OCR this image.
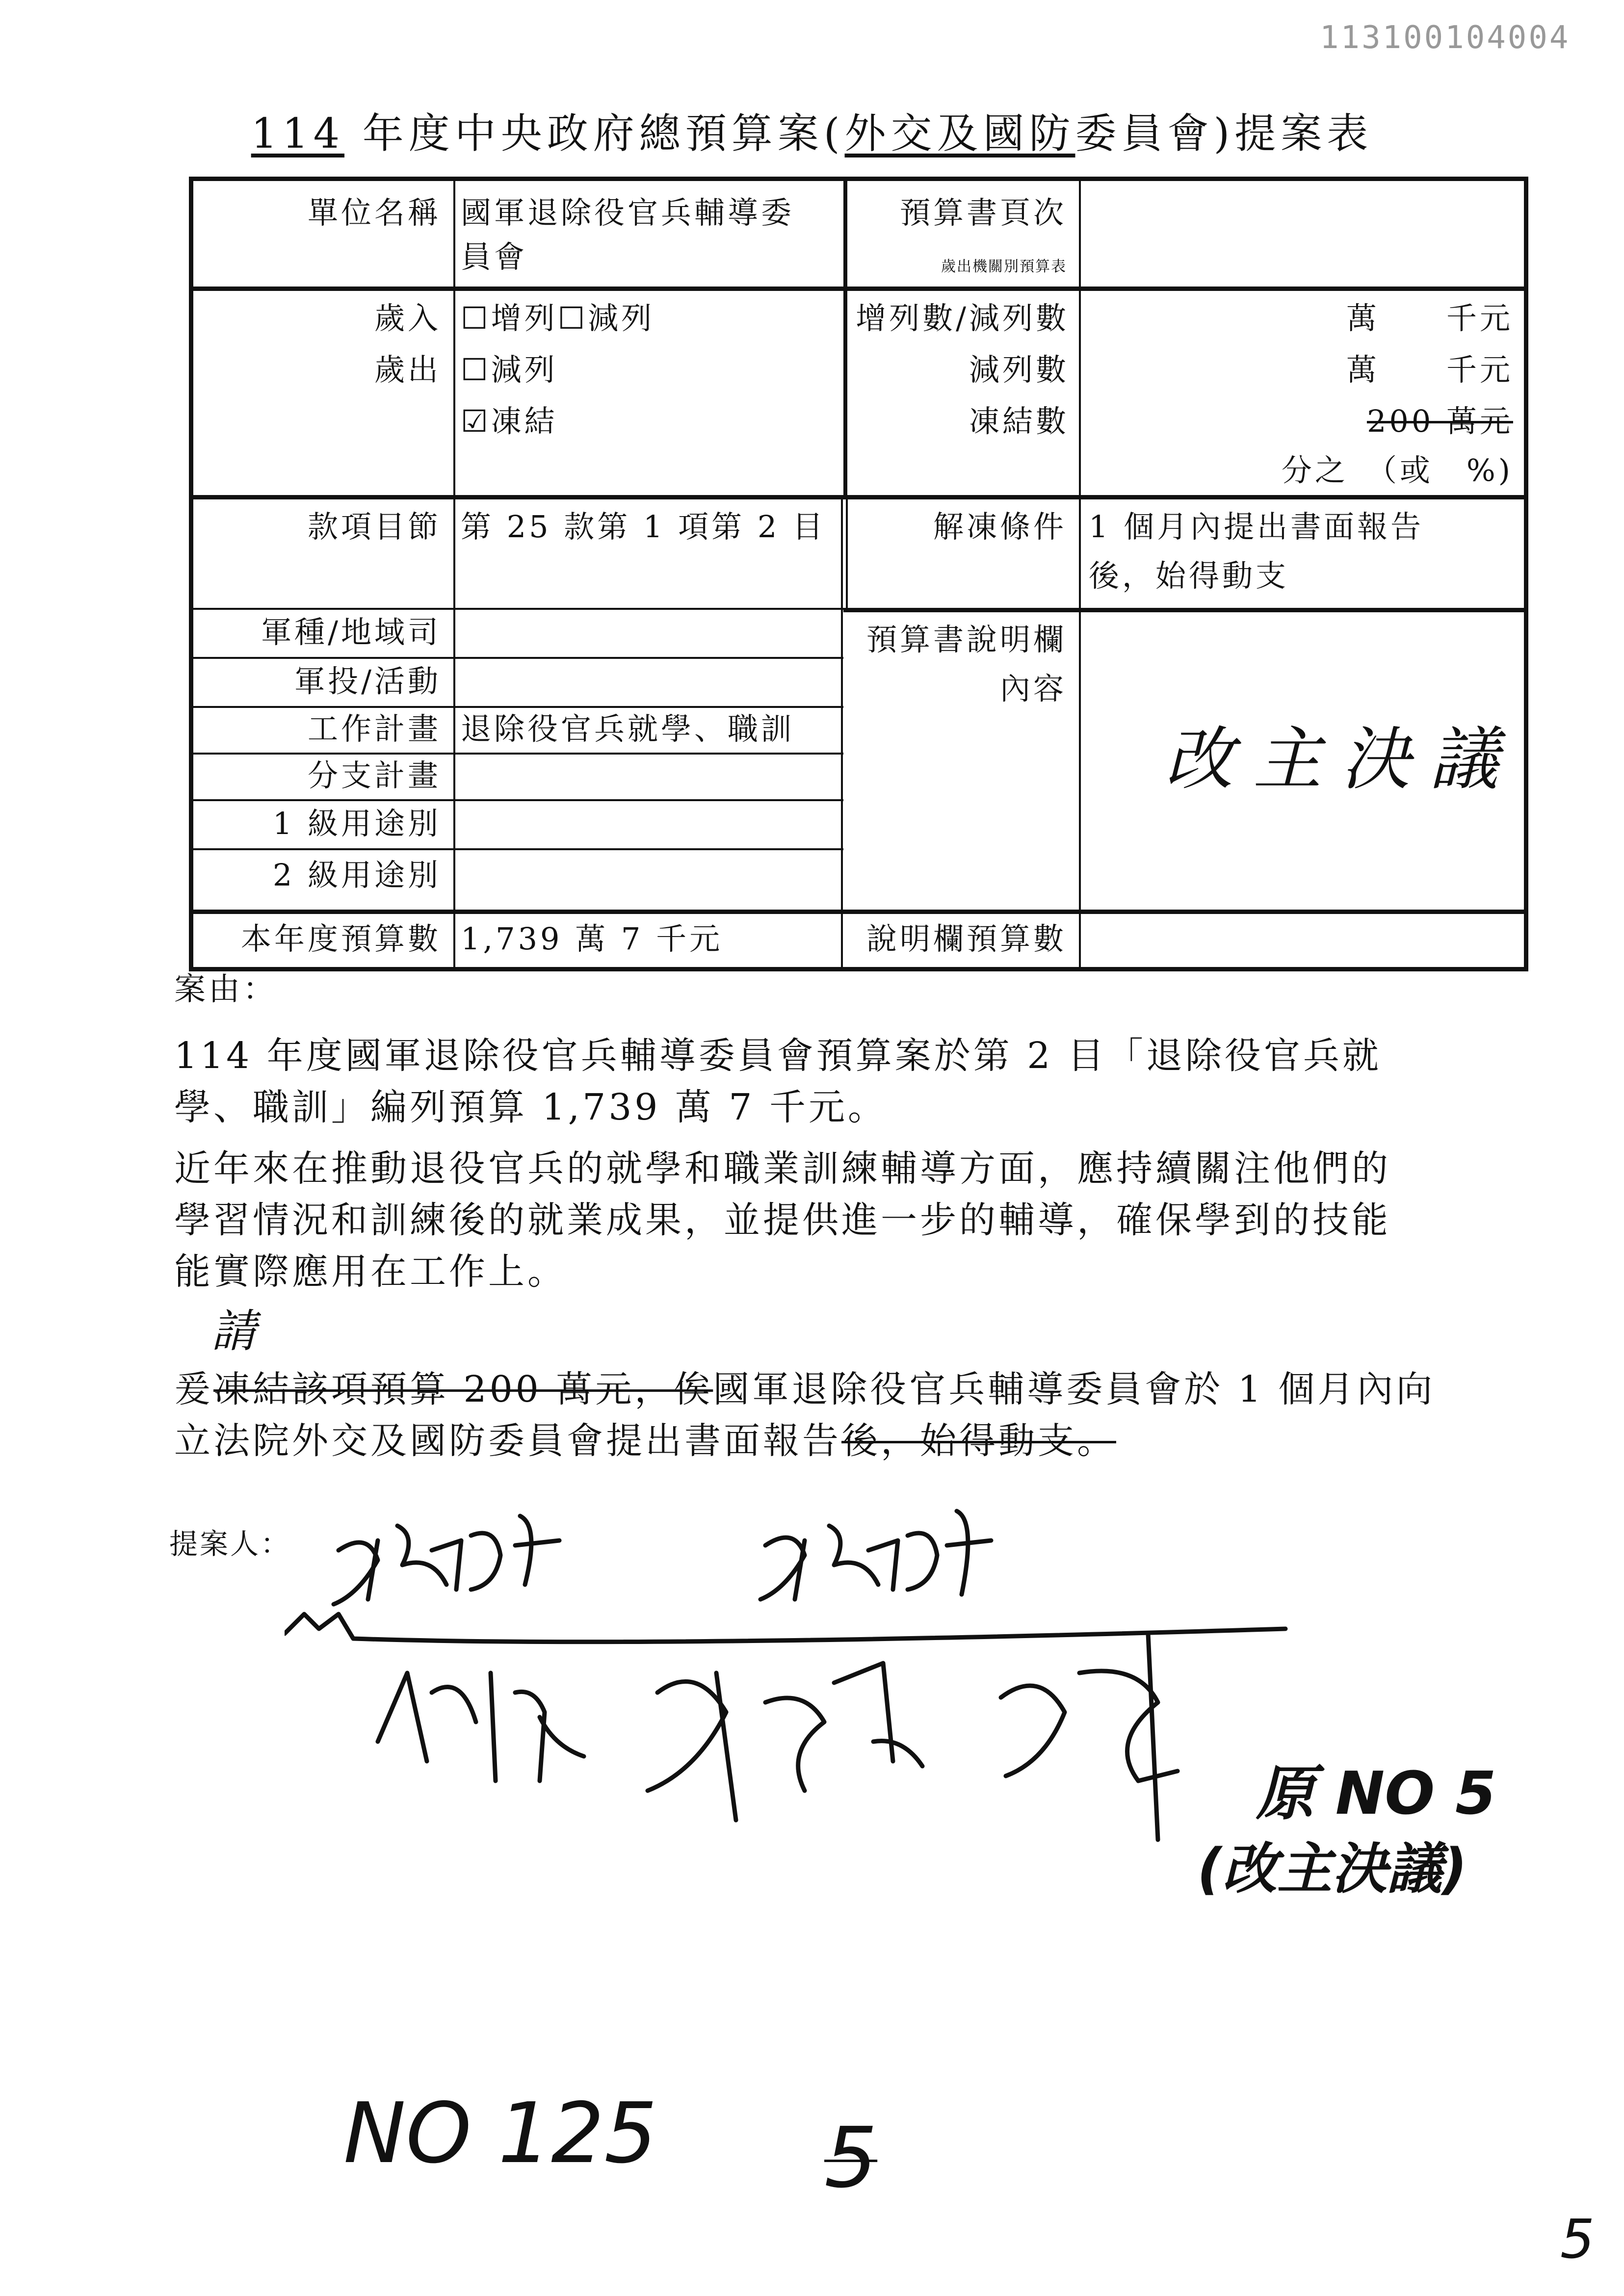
113100104004
114 年度中央政府總預算案(外交及國防委員會)提案表
單位名稱 國軍退除役官兵輔導委
員會
預算書頁次
歲出機關別預算表
歲入 ☐增列☐減列
歲出 ☐減列
☑凍結
增列數/減列數
減列數
凍結數
萬　　千元
萬　　千元
200 萬元
分之　（或　%)
款項目節 第 25 款第 1 項第 2 目	解凍條件 1 個月內提出書面報告
後，始得動支
軍種/地域司
軍投/活動
工作計畫 退除役官兵就學、職訓
分支計畫
1 級用途別
2 級用途別
本年度預算數 1,739 萬 7 千元
預算書說明欄
內容
改主決議
說明欄預算數
案由：
114 年度國軍退除役官兵輔導委員會預算案於第 2 目「退除役官兵就
學、職訓」編列預算 1,739 萬 7 千元。
近年來在推動退役官兵的就學和職業訓練輔導方面，應持續關注他們的
學習情況和訓練後的就業成果，並提供進一步的輔導，確保學到的技能
能實際應用在工作上。
請
爰凍結該項預算 200 萬元，俟國軍退除役官兵輔導委員會於 1 個月內向
立法院外交及國防委員會提出書面報告後，始得動支。
提案人：
原 NO 5
(改主決議)
NO 125 5
5
